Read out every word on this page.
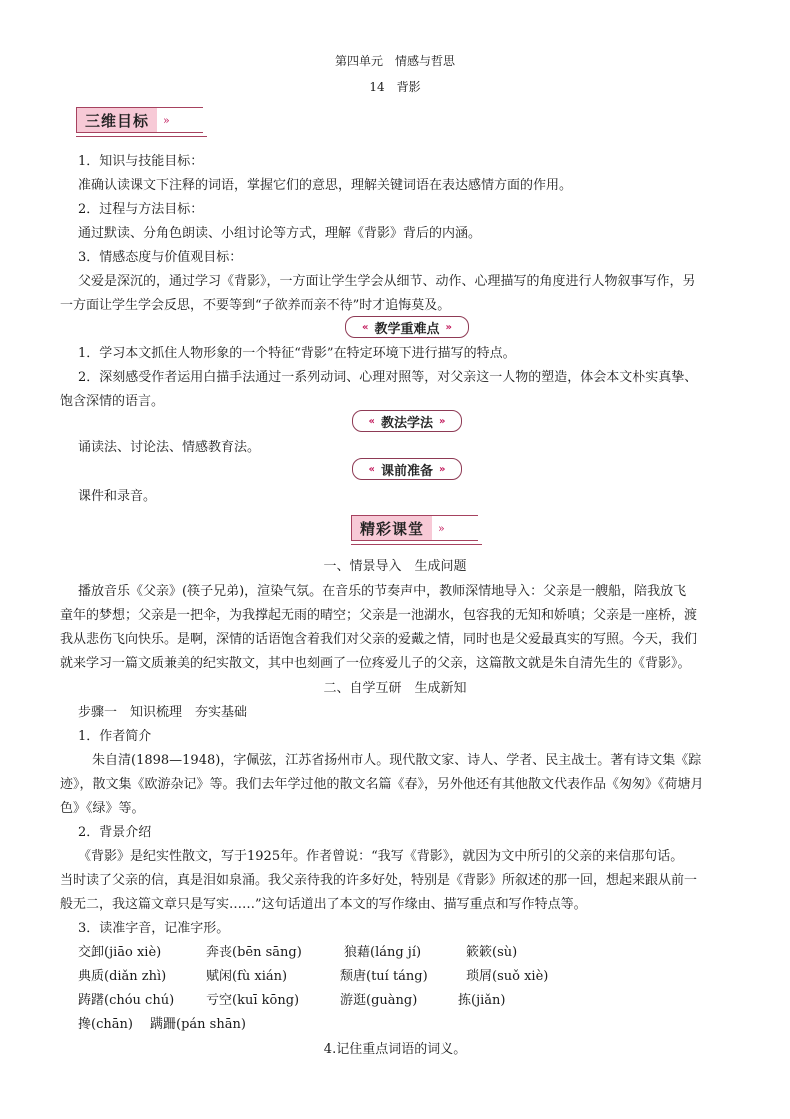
第四单元　情感与哲思
14　背影
三维目标	»
1．知识与技能目标：
准确认读课文下注释的词语，掌握它们的意思，理解关键词语在表达感情方面的作用。
2．过程与方法目标：
通过默读、分角色朗读、小组讨论等方式，理解《背影》背后的内涵。
3．情感态度与价值观目标：
父爱是深沉的，通过学习《背影》，一方面让学生学会从细节、动作、心理描写的角度进行人物叙事写作，另
一方面让学生学会反思，不要等到“子欲养而亲不待”时才追悔莫及。
« 教学重难点 »
1．学习本文抓住人物形象的一个特征“背影”在特定环境下进行描写的特点。
2．深刻感受作者运用白描手法通过一系列动词、心理对照等，对父亲这一人物的塑造，体会本文朴实真挚、
饱含深情的语言。
« 教法学法 »
诵读法、讨论法、情感教育法。
« 课前准备 »
课件和录音。
精彩课堂	»
一、情景导入　生成问题
播放音乐《父亲》(筷子兄弟)，渲染气氛。在音乐的节奏声中，教师深情地导入：父亲是一艘船，陪我放飞
童年的梦想；父亲是一把伞，为我撑起无雨的晴空；父亲是一池湖水，包容我的无知和娇嗔；父亲是一座桥，渡
我从悲伤飞向快乐。是啊，深情的话语饱含着我们对父亲的爱戴之情，同时也是父爱最真实的写照。今天，我们
就来学习一篇文质兼美的纪实散文，其中也刻画了一位疼爱儿子的父亲，这篇散文就是朱自清先生的《背影》。
二、自学互研　生成新知
步骤一　知识梳理　夯实基础
1．作者简介
朱自清(1898—1948)，字佩弦，江苏省扬州市人。现代散文家、诗人、学者、民主战士。著有诗文集《踪
迹》，散文集《欧游杂记》等。我们去年学过他的散文名篇《春》，另外他还有其他散文代表作品《匆匆》《荷塘月
色》《绿》等。
2．背景介绍
《背影》是纪实性散文，写于1925年。作者曾说：“我写《背影》，就因为文中所引的父亲的来信那句话。
当时读了父亲的信，真是泪如泉涌。我父亲待我的许多好处，特别是《背影》所叙述的那一回，想起来跟从前一
般无二，我这篇文章只是写实……”这句话道出了本文的写作缘由、描写重点和写作特点等。
3．读准字音，记准字形。
交卸(jiāo xiè)	奔丧(bēn sāng)	狼藉(láng jí)	簌簌(sù)
典质(diǎn zhì)	赋闲(fù xián)	颓唐(tuí táng)	琐屑(suǒ xiè)
踌躇(chóu chú) 亏空(kuī kōng)	游逛(guàng)	拣(jiǎn)
搀(chān) 蹒跚(pán shān)
4.记住重点词语的词义。
